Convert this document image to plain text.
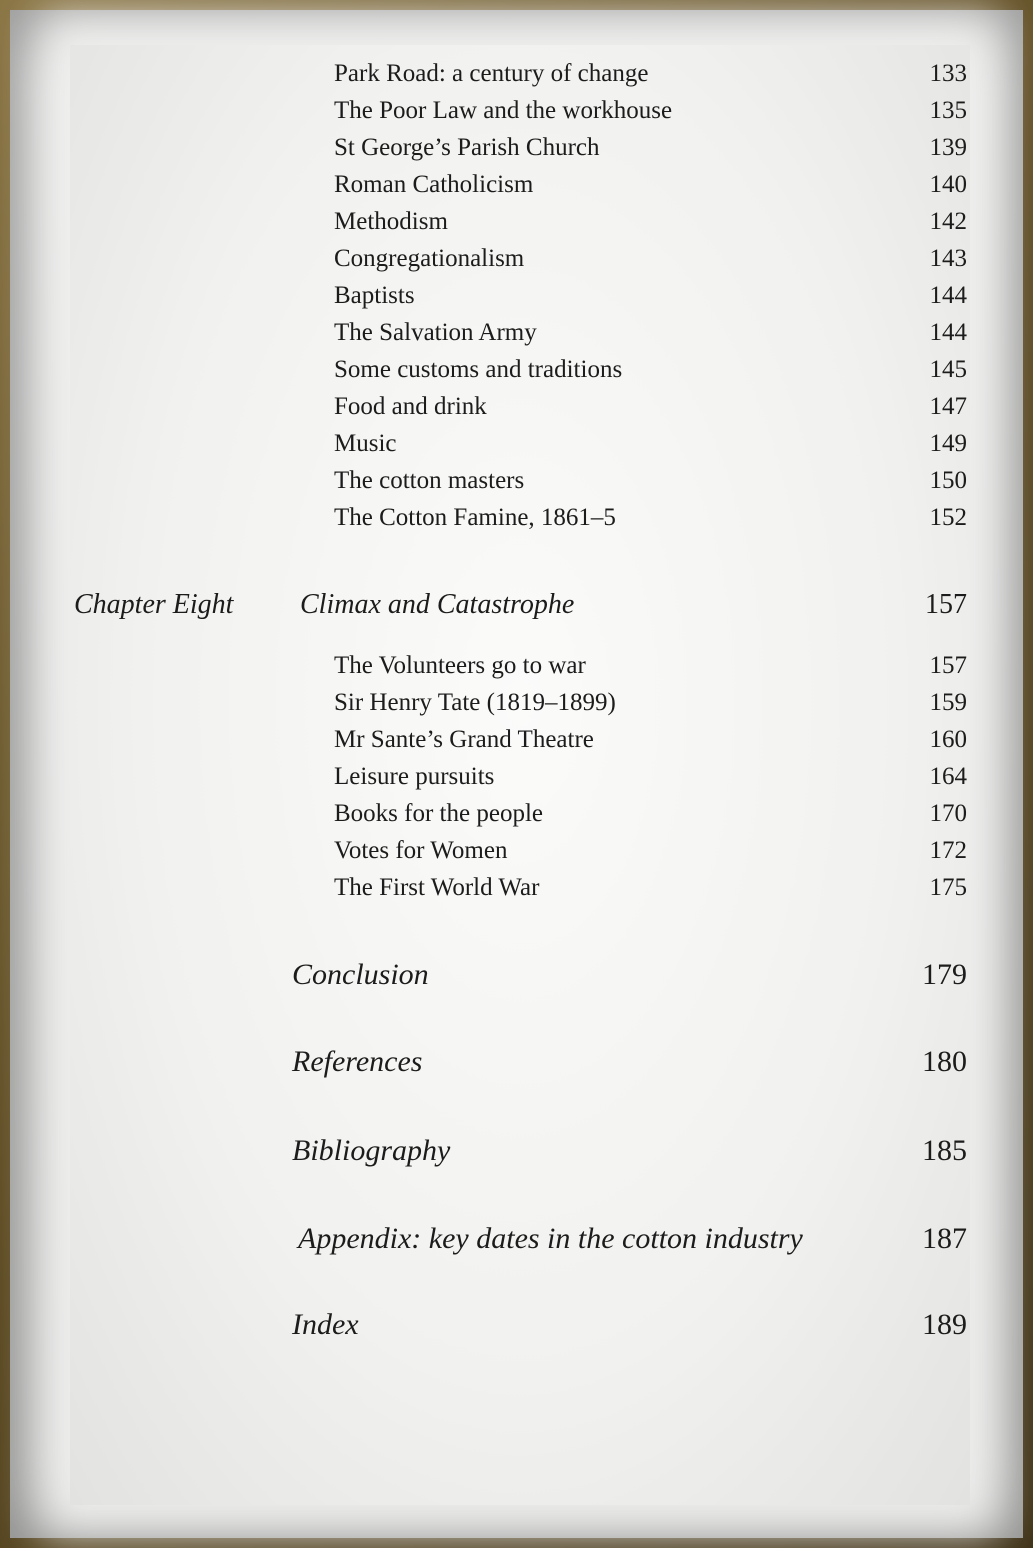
Park Road: a century of change	133
The Poor Law and the workhouse	135
St George’s Parish Church	139
Roman Catholicism	140
Methodism	142
Congregationalism	143
Baptists	144
The Salvation Army	144
Some customs and traditions	145
Food and drink	147
Music	149
The cotton masters	150
The Cotton Famine, 1861–5	152
Chapter Eight Climax and Catastrophe	157
The Volunteers go to war	157
Sir Henry Tate (1819–1899)	159
Mr Sante’s Grand Theatre	160
Leisure pursuits	164
Books for the people	170
Votes for Women	172
The First World War	175
Conclusion	179
References	180
Bibliography	185
Appendix: key dates in the cotton industry	187
Index	189
